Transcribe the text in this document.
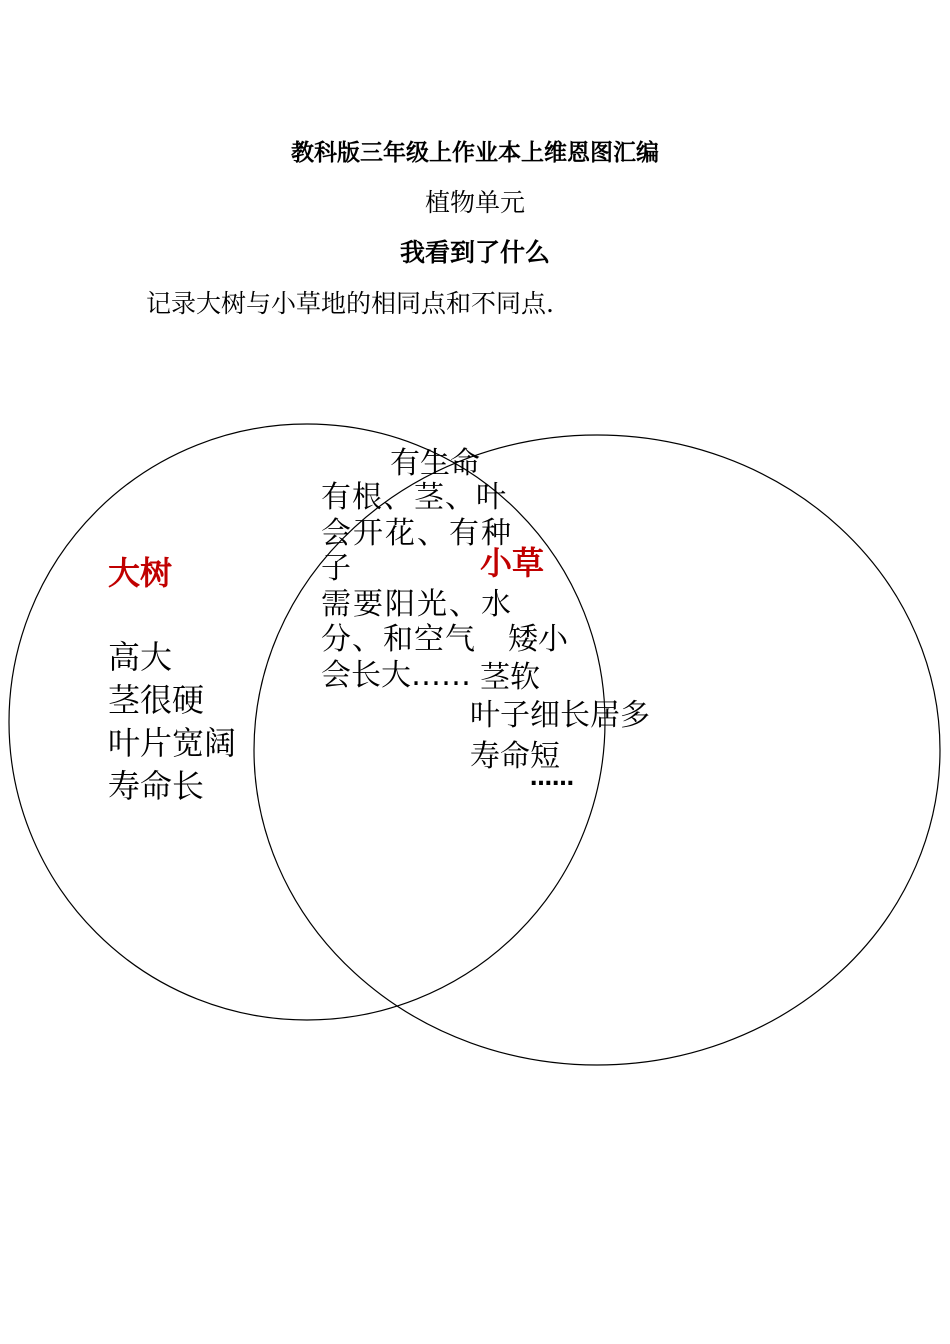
教科版三年级上作业本上维恩图汇编
植物单元
我看到了什么
记录大树与小草地的相同点和不同点.
大树
高大
茎很硬
叶片宽阔
寿命长
有生命
有根、茎、叶
会开花、有种
子
需要阳光、水
分、和空气
会长大……
小草
矮小
茎软
叶子细长居多
寿命短
……
